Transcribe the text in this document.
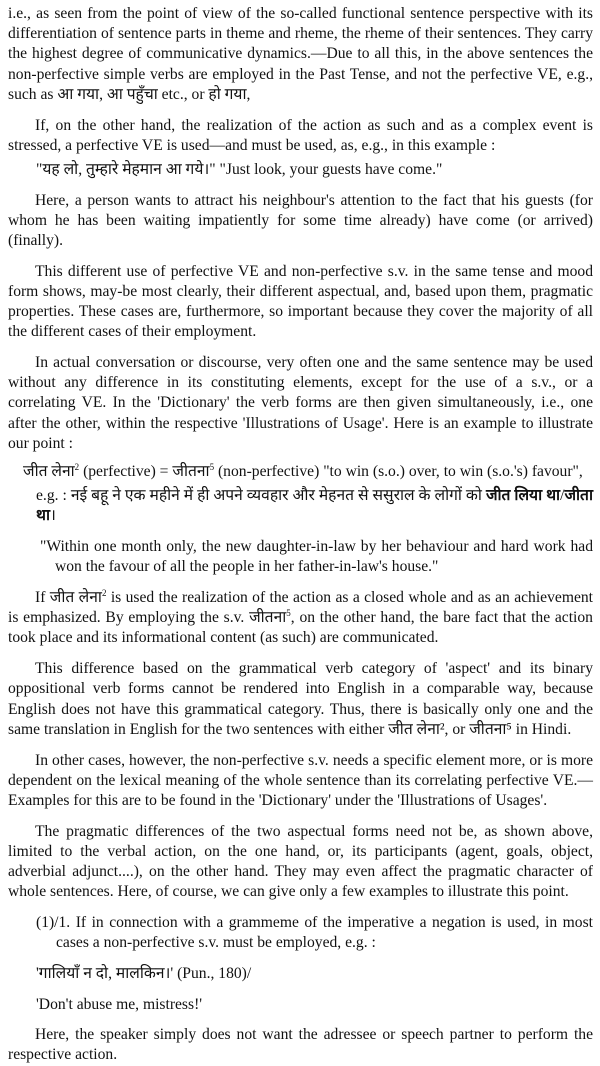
i.e., as seen from the point of view of the so-called functional sentence perspective with its differentiation of sentence parts in theme and rheme, the rheme of their sentences. They carry the highest degree of communicative dynamics.—Due to all this, in the above sentences the non-perfective simple verbs are employed in the Past Tense, and not the perfective VE, e.g., such as आ गया, आ पहुँचा etc., or हो गया,

If, on the other hand, the realization of the action as such and as a complex event is stressed, a perfective VE is used—and must be used, as, e.g., in this example :

"यह लो, तुम्हारे मेहमान आ गये।" "Just look, your guests have come."

Here, a person wants to attract his neighbour's attention to the fact that his guests (for whom he has been waiting impatiently for some time already) have come (or arrived) (finally).

This different use of perfective VE and non-perfective s.v. in the same tense and mood form shows, may-be most clearly, their different aspectual, and, based upon them, pragmatic properties. These cases are, furthermore, so important because they cover the majority of all the different cases of their employment.

In actual conversation or discourse, very often one and the same sentence may be used without any difference in its constituting elements, except for the use of a s.v., or a correlating VE. In the 'Dictionary' the verb forms are then given simultaneously, i.e., one after the other, within the respective 'Illustrations of Usage'. Here is an example to illustrate our point :

जीत लेना$^2$ (perfective) = जीतना$^5$ (non-perfective) "to win (s.o.) over, to win (s.o.'s) favour",

e.g. : नई बहू ने एक महीने में ही अपने व्यवहार और मेहनत से ससुराल के लोगों को जीत लिया था/जीता था।

"Within one month only, the new daughter-in-law by her behaviour and hard work had won the favour of all the people in her father-in-law's house."

If जीत लेना$^2$ is used the realization of the action as a closed whole and as an achievement is emphasized. By employing the s.v. जीतना$^5$, on the other hand, the bare fact that the action took place and its informational content (as such) are communicated.

This difference based on the grammatical verb category of 'aspect' and its binary oppositional verb forms cannot be rendered into English in a comparable way, because English does not have this grammatical category. Thus, there is basically only one and the same translation in English for the two sentences with either जीत लेना², or जीतना⁵ in Hindi.

In other cases, however, the non-perfective s.v. needs a specific element more, or is more dependent on the lexical meaning of the whole sentence than its correlating perfective VE.—Examples for this are to be found in the 'Dictionary' under the 'Illustrations of Usages'.

The pragmatic differences of the two aspectual forms need not be, as shown above, limited to the verbal action, on the one hand, or, its participants (agent, goals, object, adverbial adjunct....), on the other hand. They may even affect the pragmatic character of whole sentences. Here, of course, we can give only a few examples to illustrate this point.

(1)/1. If in connection with a grammeme of the imperative a negation is used, in most cases a non-perfective s.v. must be employed, e.g. :

'गालियाँ न दो, मालकिन।' (Pun., 180)/

'Don't abuse me, mistress!'

Here, the speaker simply does not want the adressee or speech partner to perform the respective action.
